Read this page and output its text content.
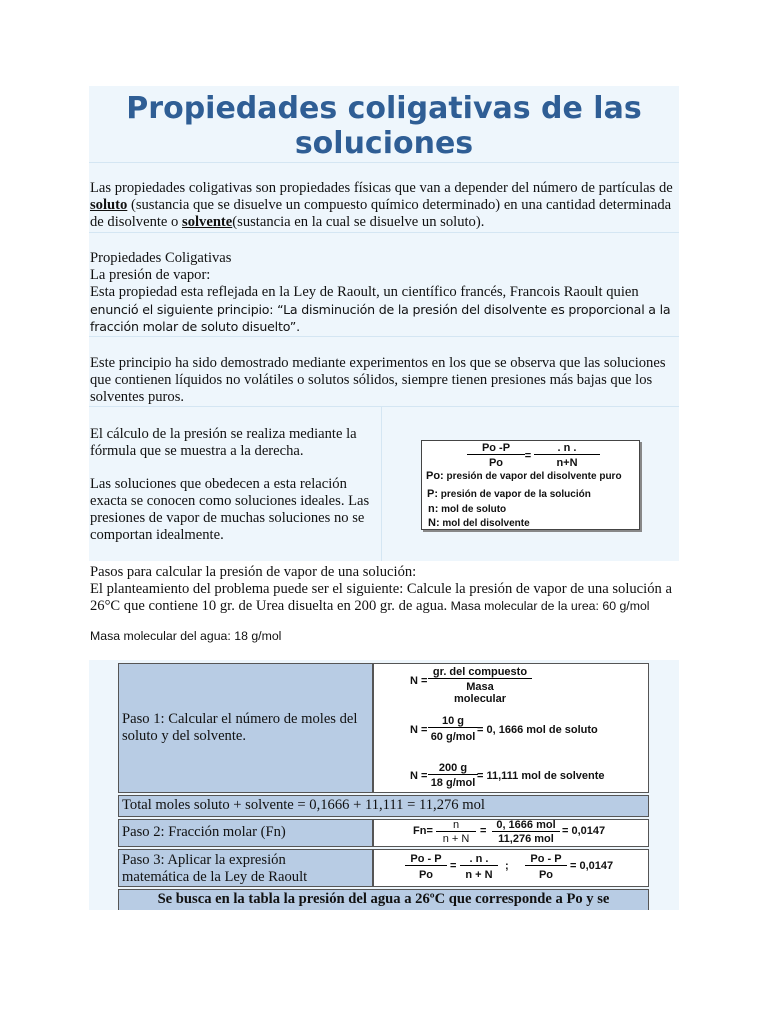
Propiedades coligativas de las soluciones
Las propiedades coligativas son propiedades físicas que van a depender del número de partículas de soluto (sustancia que se disuelve un compuesto químico determinado) en una cantidad determinada de disolvente o solvente(sustancia en la cual se disuelve un soluto).
Propiedades Coligativas
La presión de vapor:
Esta propiedad esta reflejada en la Ley de Raoult, un científico francés, Francois Raoult quien
enunció el siguiente principio: “La disminución de la presión del disolvente es proporcional a la fracción molar de soluto disuelto”.
Este principio ha sido demostrado mediante experimentos en los que se observa que las soluciones que contienen líquidos no volátiles o solutos sólidos, siempre tienen presiones más bajas que los solventes puros.
El cálculo de la presión se realiza mediante la fórmula que se muestra a la derecha.
Las soluciones que obedecen a esta relación exacta se conocen como soluciones ideales. Las presiones de vapor de muchas soluciones no se comportan idealmente.
Po -P
Po
=
. n .
n+N
Po: presión de vapor del disolvente puro
P: presión de vapor de la solución
n: mol de soluto
N: mol del disolvente
Pasos para calcular la presión de vapor de una solución:
El planteamiento del problema puede ser el siguiente: Calcule la presión de vapor de una solución a 26°C que contiene 10 gr. de Urea disuelta en 200 gr. de agua. Masa molecular de la urea: 60 g/mol
Masa molecular del agua: 18 g/mol
Paso 1: Calcular el número de moles del soluto y del solvente.
N =
gr. del compuesto
Masa
molecular
N =
10 g
60 g/mol
= 0, 1666 mol de soluto
N =
200 g
18 g/mol
= 11,111 mol de solvente
Total moles soluto + solvente = 0,1666 + 11,111 = 11,276 mol
Paso 2: Fracción molar (Fn)	Fn=	n
n + N
= 0, 1666 mol
11,276 mol
= 0,0147
Paso 3: Aplicar la expresión matemática de la Ley de Raoult
Po - P
Po
=
. n .
n + N
;
Po - P
Po
= 0,0147
Se busca en la tabla la presión del agua a 26ºC que corresponde a Po y se
